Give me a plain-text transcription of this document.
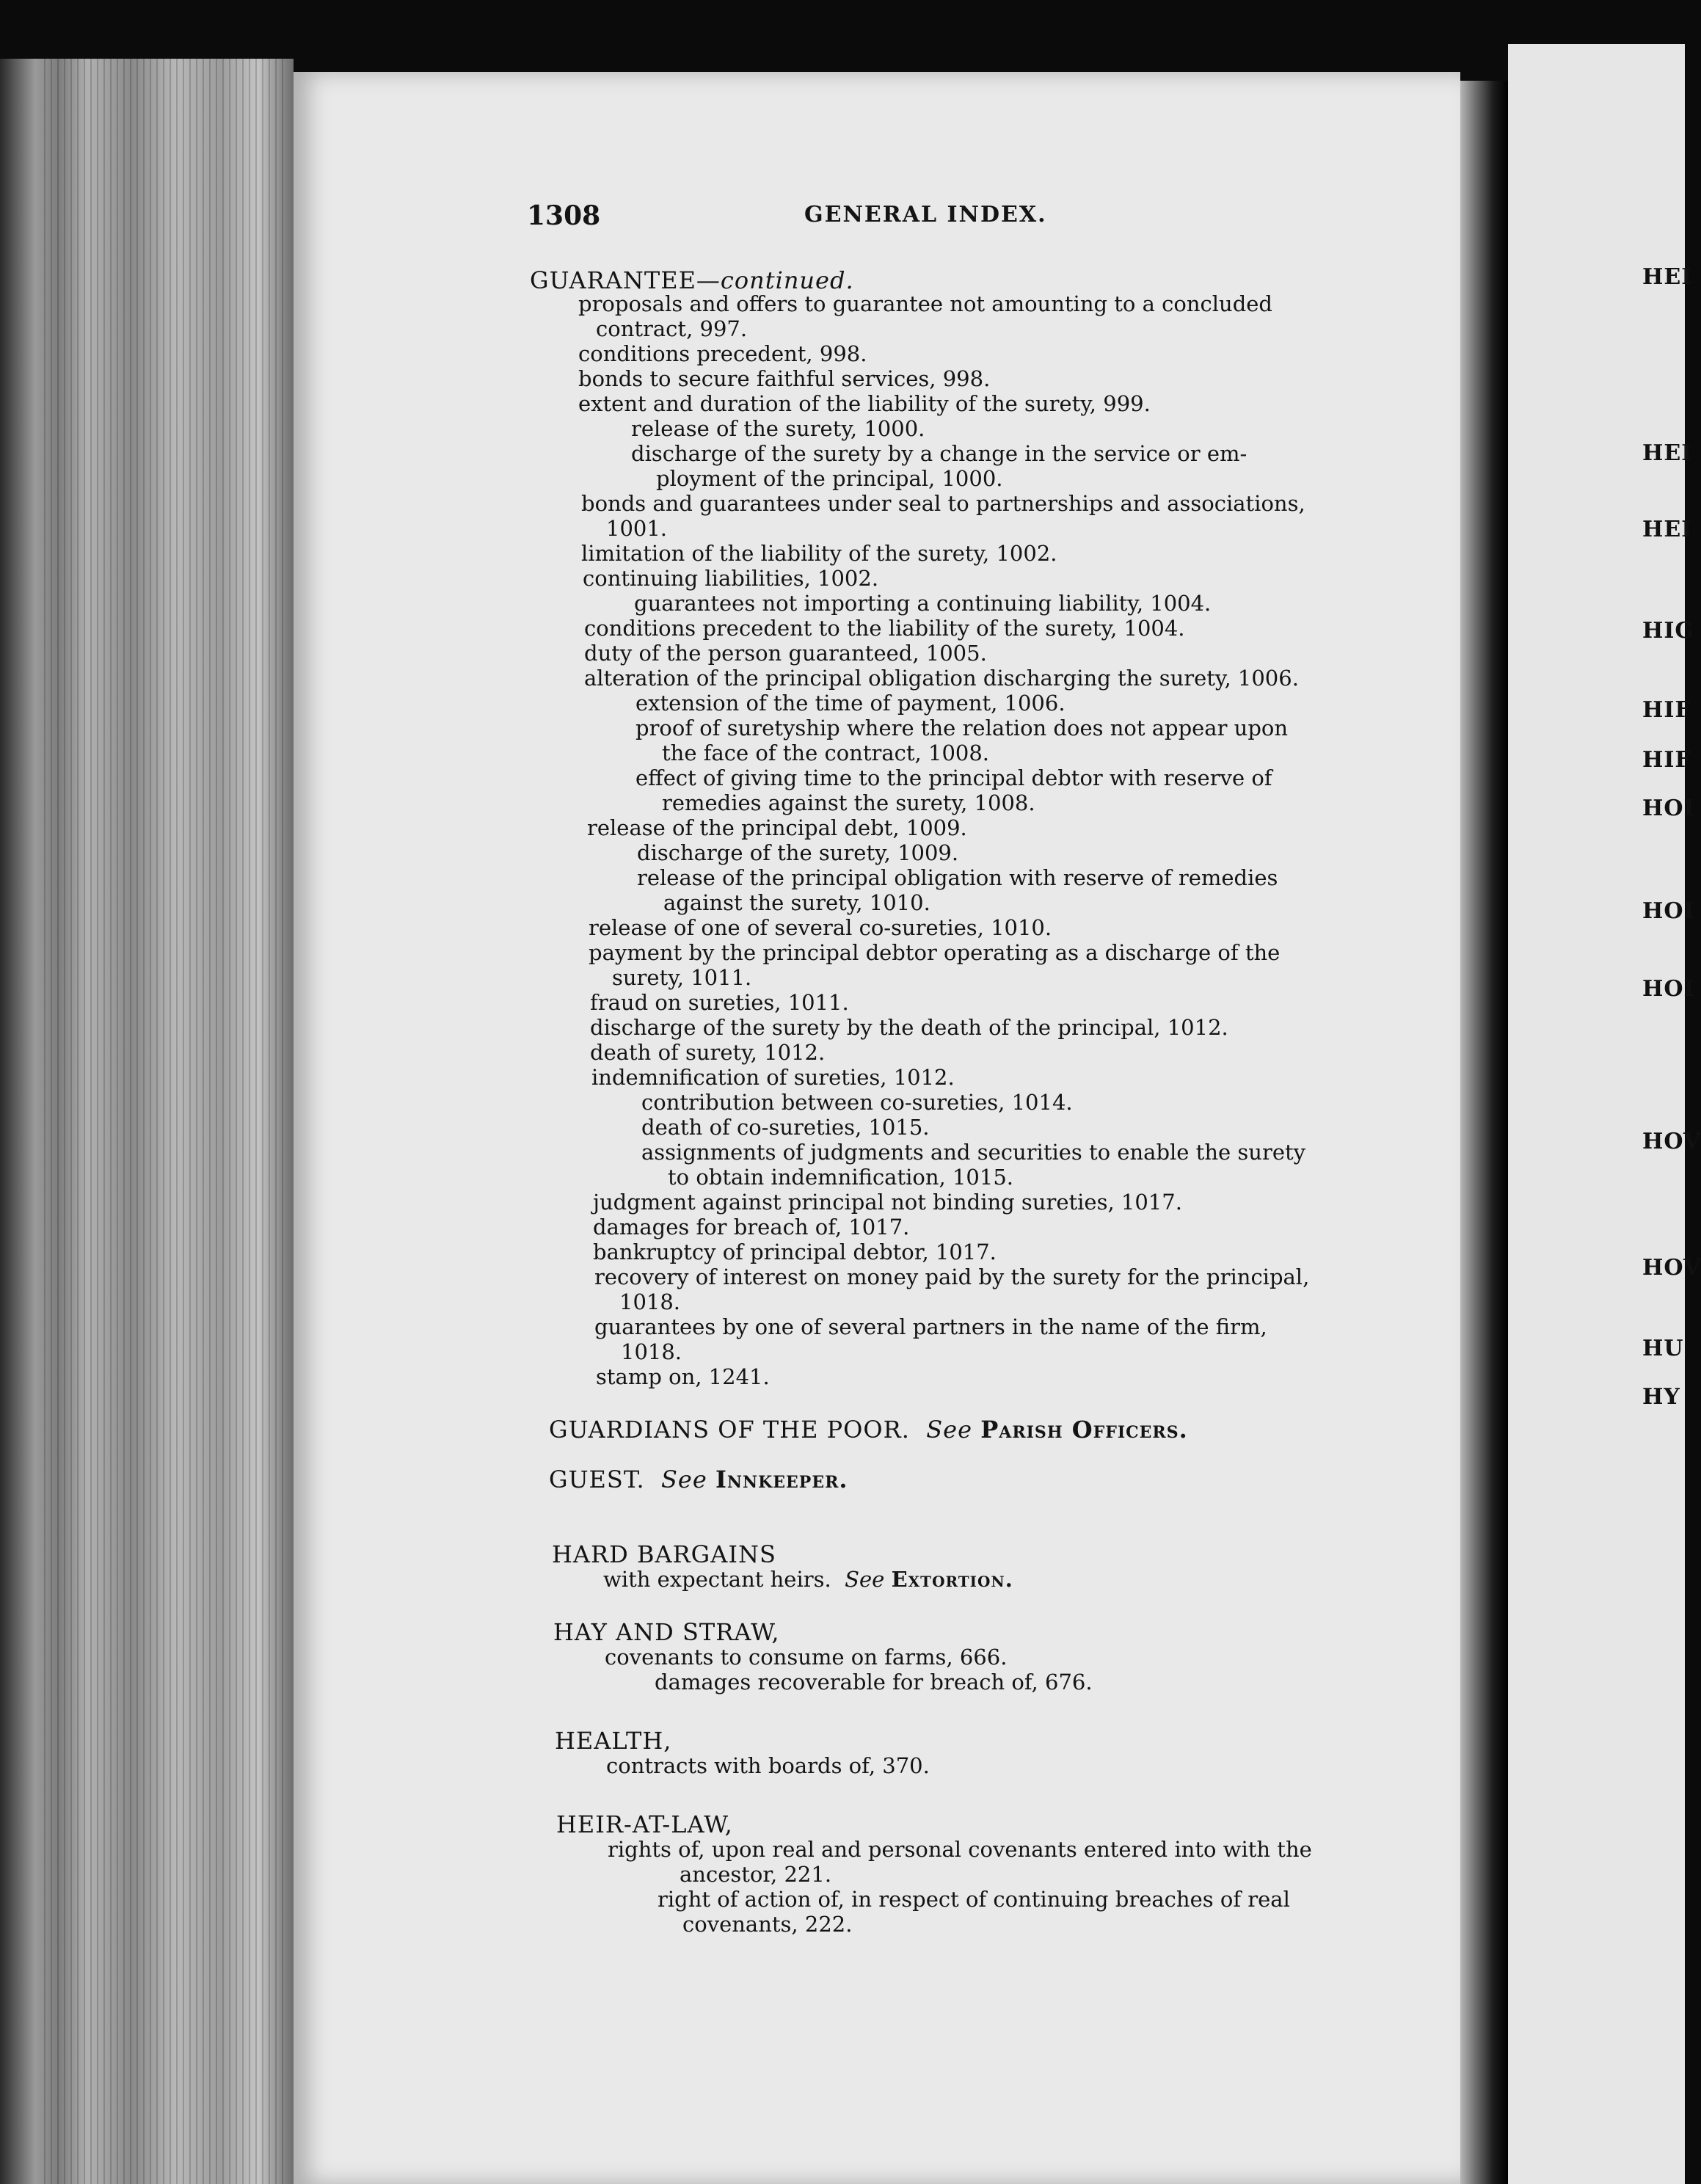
1308	GENERAL INDEX.
GUARANTEE—continued.
proposals and offers to guarantee not amounting to a concluded
contract, 997.
conditions precedent, 998.
bonds to secure faithful services, 998.
extent and duration of the liability of the surety, 999.
release of the surety, 1000.
discharge of the surety by a change in the service or em-
ployment of the principal, 1000.
bonds and guarantees under seal to partnerships and associations,
1001.
limitation of the liability of the surety, 1002.
continuing liabilities, 1002.
guarantees not importing a continuing liability, 1004.
conditions precedent to the liability of the surety, 1004.
duty of the person guaranteed, 1005.
alteration of the principal obligation discharging the surety, 1006.
extension of the time of payment, 1006.
proof of suretyship where the relation does not appear upon
the face of the contract, 1008.
effect of giving time to the principal debtor with reserve of
remedies against the surety, 1008.
release of the principal debt, 1009.
discharge of the surety, 1009.
release of the principal obligation with reserve of remedies
against the surety, 1010.
release of one of several co-sureties, 1010.
payment by the principal debtor operating as a discharge of the
surety, 1011.
fraud on sureties, 1011.
discharge of the surety by the death of the principal, 1012.
death of surety, 1012.
indemnification of sureties, 1012.
contribution between co-sureties, 1014.
death of co-sureties, 1015.
assignments of judgments and securities to enable the surety
to obtain indemnification, 1015.
judgment against principal not binding sureties, 1017.
damages for breach of, 1017.
bankruptcy of principal debtor, 1017.
recovery of interest on money paid by the surety for the principal,
1018.
guarantees by one of several partners in the name of the firm,
1018.
stamp on, 1241.
GUARDIANS OF THE POOR. See Parish Officers.
GUEST. See Innkeeper.
HARD BARGAINS
with expectant heirs. See Extortion.
HAY AND STRAW,
covenants to consume on farms, 666.
damages recoverable for breach of, 676.
HEALTH,
contracts with boards of, 370.
HEIR-AT-LAW,
rights of, upon real and personal covenants entered into with the
ancestor, 221.
right of action of, in respect of continuing breaches of real
covenants, 222.
HEI
HEI
HEI
HIG
HIF
HIF
HOI
HOI
HOI
HOV
HOV
HU
HY
